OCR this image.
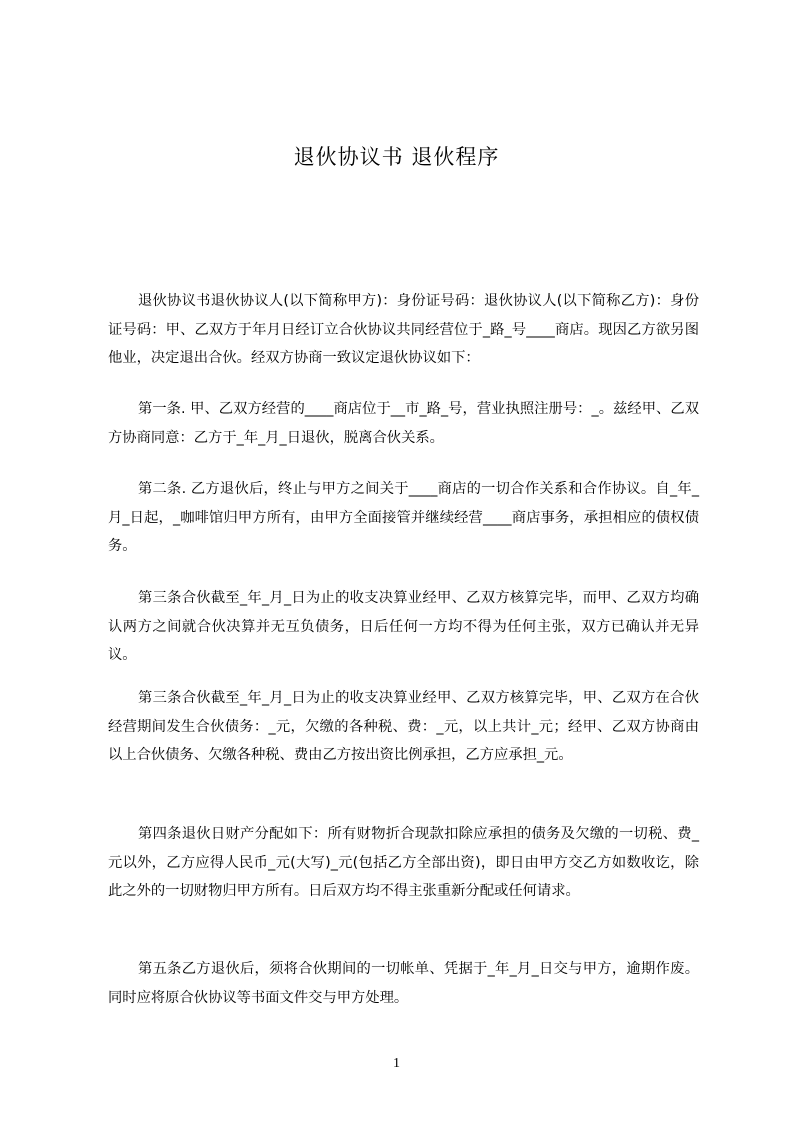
退伙协议书 退伙程序

退伙协议书退伙协议人(以下简称甲方)：身份证号码：退伙协议人(以下简称乙方)：身份证号码：甲、乙双方于年月日经订立合伙协议共同经营位于_路_号____商店。现因乙方欲另图他业，决定退出合伙。经双方协商一致议定退伙协议如下：

第一条. 甲、乙双方经营的____商店位于__市_路_号，营业执照注册号：_。兹经甲、乙双方协商同意：乙方于_年_月_日退伙，脱离合伙关系。

第二条. 乙方退伙后，终止与甲方之间关于____商店的一切合作关系和合作协议。自_年_月_日起，_咖啡馆归甲方所有，由甲方全面接管并继续经营____商店事务，承担相应的债权债务。

第三条合伙截至_年_月_日为止的收支决算业经甲、乙双方核算完毕，而甲、乙双方均确认两方之间就合伙决算并无互负债务，日后任何一方均不得为任何主张，双方已确认并无异议。

第三条合伙截至_年_月_日为止的收支决算业经甲、乙双方核算完毕，甲、乙双方在合伙经营期间发生合伙债务：_元，欠缴的各种税、费：_元，以上共计_元；经甲、乙双方协商由以上合伙债务、欠缴各种税、费由乙方按出资比例承担，乙方应承担_元。

第四条退伙日财产分配如下：所有财物折合现款扣除应承担的债务及欠缴的一切税、费_元以外，乙方应得人民币_元(大写)_元(包括乙方全部出资)，即日由甲方交乙方如数收讫，除此之外的一切财物归甲方所有。日后双方均不得主张重新分配或任何请求。

第五条乙方退伙后，须将合伙期间的一切帐单、凭据于_年_月_日交与甲方，逾期作废。同时应将原合伙协议等书面文件交与甲方处理。

1
